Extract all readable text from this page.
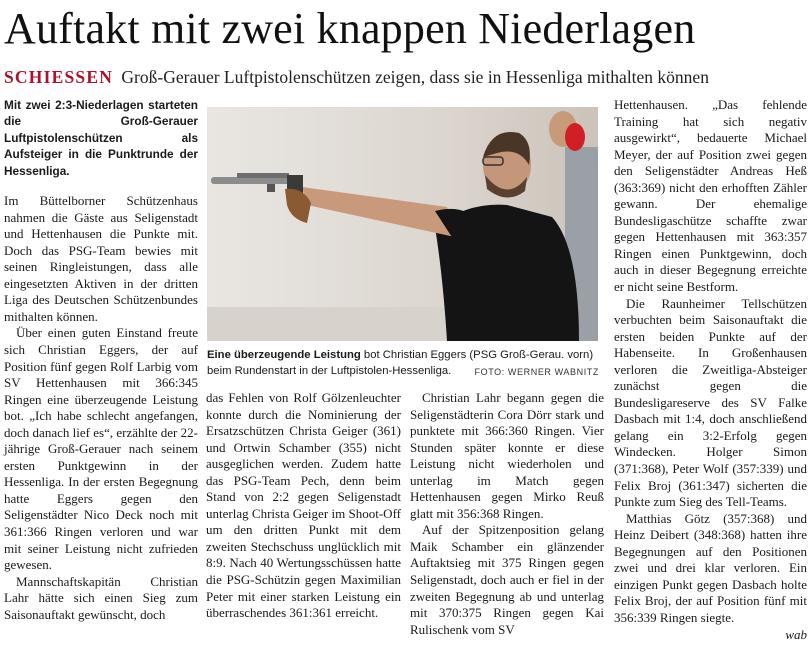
Auftakt mit zwei knappen Niederlagen
SCHIESSEN Groß-Gerauer Luftpistolenschützen zeigen, dass sie in Hessenliga mithalten können

Mit zwei 2:3-Niederlagen starteten die Groß-Gerauer Luftpistolenschützen als Aufsteiger in die Punktrunde der Hessenliga.

Im Büttelborner Schützenhaus nahmen die Gäste aus Seligenstadt und Hettenhausen die Punkte mit. Doch das PSG-Team bewies mit seinen Ringleistungen, dass alle eingesetzten Aktiven in der dritten Liga des Deutschen Schützenbundes mithalten können.

Über einen guten Einstand freute sich Christian Eggers, der auf Position fünf gegen Rolf Larbig vom SV Hettenhausen mit 366:345 Ringen eine überzeugende Leistung bot. „Ich habe schlecht angefangen, doch danach lief es“, erzählte der 22-jährige Groß-Gerauer nach seinem ersten Punktgewinn in der Hessenliga. In der ersten Begegnung hatte Eggers gegen den Seligenstädter Nico Deck noch mit 361:366 Ringen verloren und war mit seiner Leistung nicht zufrieden gewesen.

Mannschaftskapitän Christian Lahr hätte sich einen Sieg zum Saisonauftakt gewünscht, doch

Eine überzeugende Leistung bot Christian Eggers (PSG Groß-Gerau. vorn) beim Rundenstart in der Luftpistolen-Hessenliga.	FOTO: WERNER WABNITZ

das Fehlen von Rolf Gölzenleuchter konnte durch die Nominierung der Ersatzschützen Christa Geiger (361) und Ortwin Schamber (355) nicht ausgeglichen werden. Zudem hatte das PSG-Team Pech, denn beim Stand von 2:2 gegen Seligenstadt unterlag Christa Geiger im Shoot-Off um den dritten Punkt mit dem zweiten Stechschuss unglücklich mit 8:9. Nach 40 Wertungsschüssen hatte die PSG-Schützin gegen Maximilian Peter mit einer starken Leistung ein überraschendes 361:361 erreicht.

Christian Lahr begann gegen die Seligenstädterin Cora Dörr stark und punktete mit 366:360 Ringen. Vier Stunden später konnte er diese Leistung nicht wiederholen und unterlag im Match gegen Hettenhausen gegen Mirko Reuß glatt mit 356:368 Ringen.

Auf der Spitzenposition gelang Maik Schamber ein glänzender Auftaktsieg mit 375 Ringen gegen Seligenstadt, doch auch er fiel in der zweiten Begegnung ab und unterlag mit 370:375 Ringen gegen Kai Rulischenk vom SV

Hettenhausen. „Das fehlende Training hat sich negativ ausgewirkt“, bedauerte Michael Meyer, der auf Position zwei gegen den Seligenstädter Andreas Heß (363:369) nicht den erhofften Zähler gewann. Der ehemalige Bundesligaschütze schaffte zwar gegen Hettenhausen mit 363:357 Ringen einen Punktgewinn, doch auch in dieser Begegnung erreichte er nicht seine Bestform.

Die Raunheimer Tellschützen verbuchten beim Saisonauftakt die ersten beiden Punkte auf der Habenseite. In Großenhausen verloren die Zweitliga-Absteiger zunächst gegen die Bundesligareserve des SV Falke Dasbach mit 1:4, doch anschließend gelang ein 3:2-Erfolg gegen Windecken. Holger Simon (371:368), Peter Wolf (357:339) und Felix Broj (361:347) sicherten die Punkte zum Sieg des Tell-Teams.

Matthias Götz (357:368) und Heinz Deibert (348:368) hatten ihre Begegnungen auf den Positionen zwei und drei klar verloren. Ein einzigen Punkt gegen Dasbach holte Felix Broj, der auf Position fünf mit 356:339 Ringen siegte.

wab
